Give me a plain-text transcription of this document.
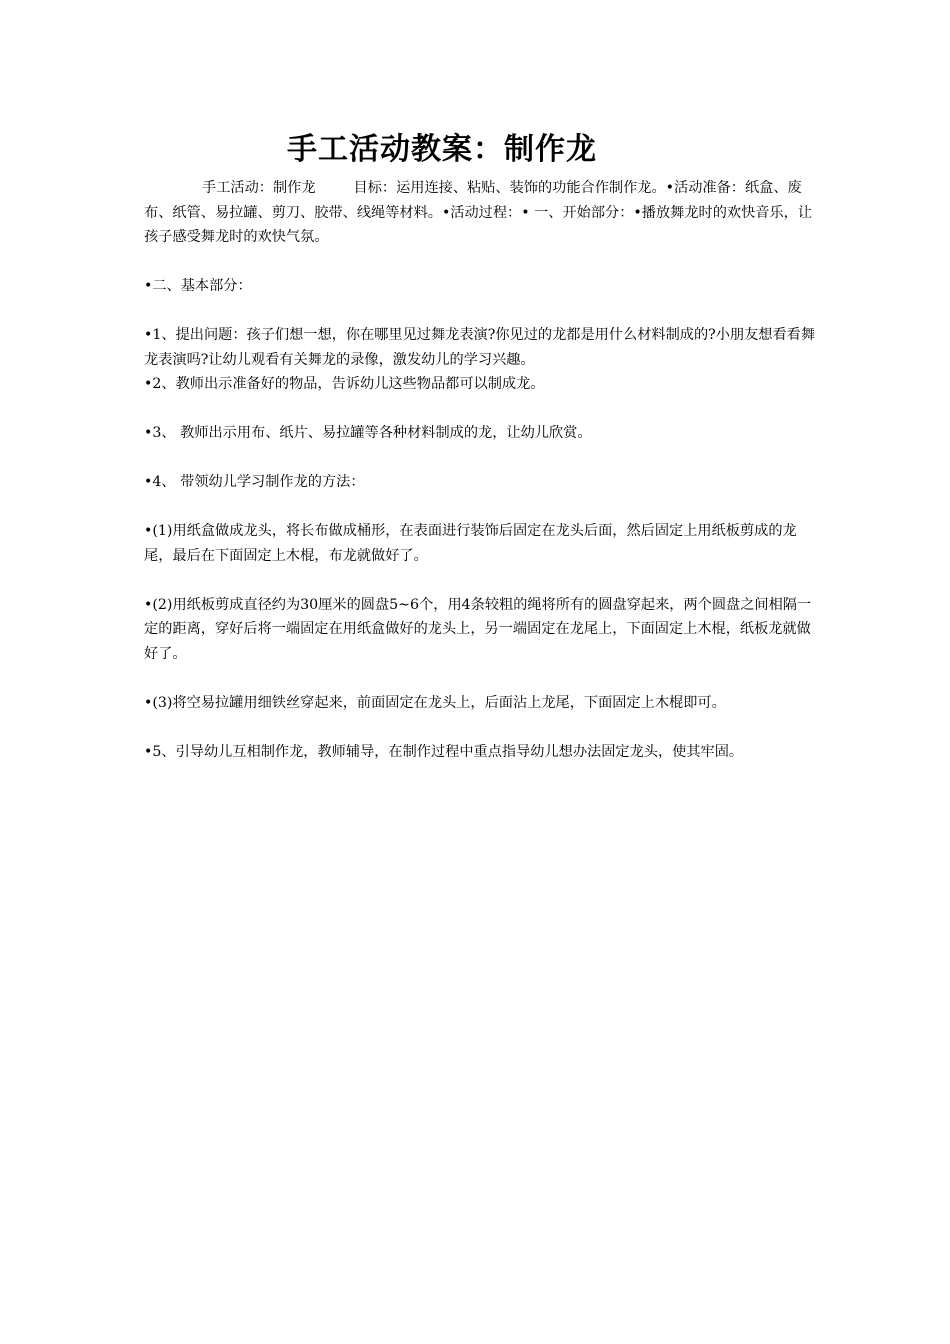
手工活动教案：制作龙

手工活动：制作龙	目标：运用连接、粘贴、装饰的功能合作制作龙。•活动准备：纸盒、废布、纸管、易拉罐、剪刀、胶带、线绳等材料。•活动过程：• 一、开始部分：•播放舞龙时的欢快音乐，让孩子感受舞龙时的欢快气氛。

•二、基本部分：

•1、提出问题：孩子们想一想，你在哪里见过舞龙表演?你见过的龙都是用什么材料制成的?小朋友想看看舞龙表演吗?让幼儿观看有关舞龙的录像，激发幼儿的学习兴趣。

•2、教师出示准备好的物品，告诉幼儿这些物品都可以制成龙。

•3、 教师出示用布、纸片、易拉罐等各种材料制成的龙，让幼儿欣赏。

•4、 带领幼儿学习制作龙的方法：

•(1)用纸盒做成龙头，将长布做成桶形，在表面进行装饰后固定在龙头后面，然后固定上用纸板剪成的龙尾，最后在下面固定上木棍，布龙就做好了。

•(2)用纸板剪成直径约为30厘米的圆盘5~6个，用4条较粗的绳将所有的圆盘穿起来，两个圆盘之间相隔一定的距离，穿好后将一端固定在用纸盒做好的龙头上，另一端固定在龙尾上，下面固定上木棍，纸板龙就做好了。

•(3)将空易拉罐用细铁丝穿起来，前面固定在龙头上，后面沾上龙尾，下面固定上木棍即可。

•5、引导幼儿互相制作龙，教师辅导，在制作过程中重点指导幼儿想办法固定龙头，使其牢固。
